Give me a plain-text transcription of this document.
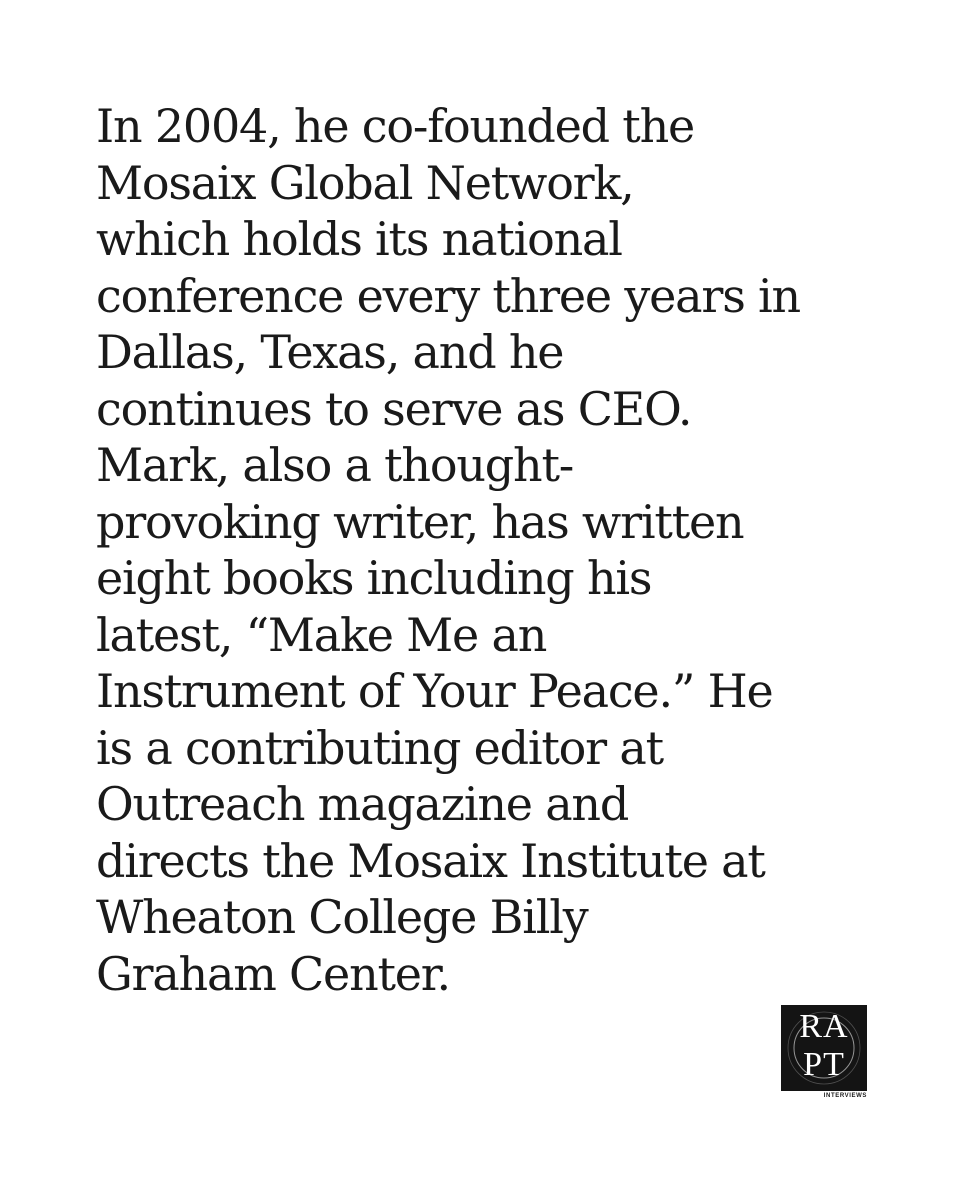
In 2004, he co-founded the
Mosaix Global Network,
which holds its national
conference every three years in
Dallas, Texas, and he
continues to serve as CEO.
Mark, also a thought-
provoking writer, has written
eight books including his
latest, “Make Me an
Instrument of Your Peace.” He
is a contributing editor at
Outreach magazine and
directs the Mosaix Institute at
Wheaton College Billy
Graham Center.

RA
PT
INTERVIEWS
